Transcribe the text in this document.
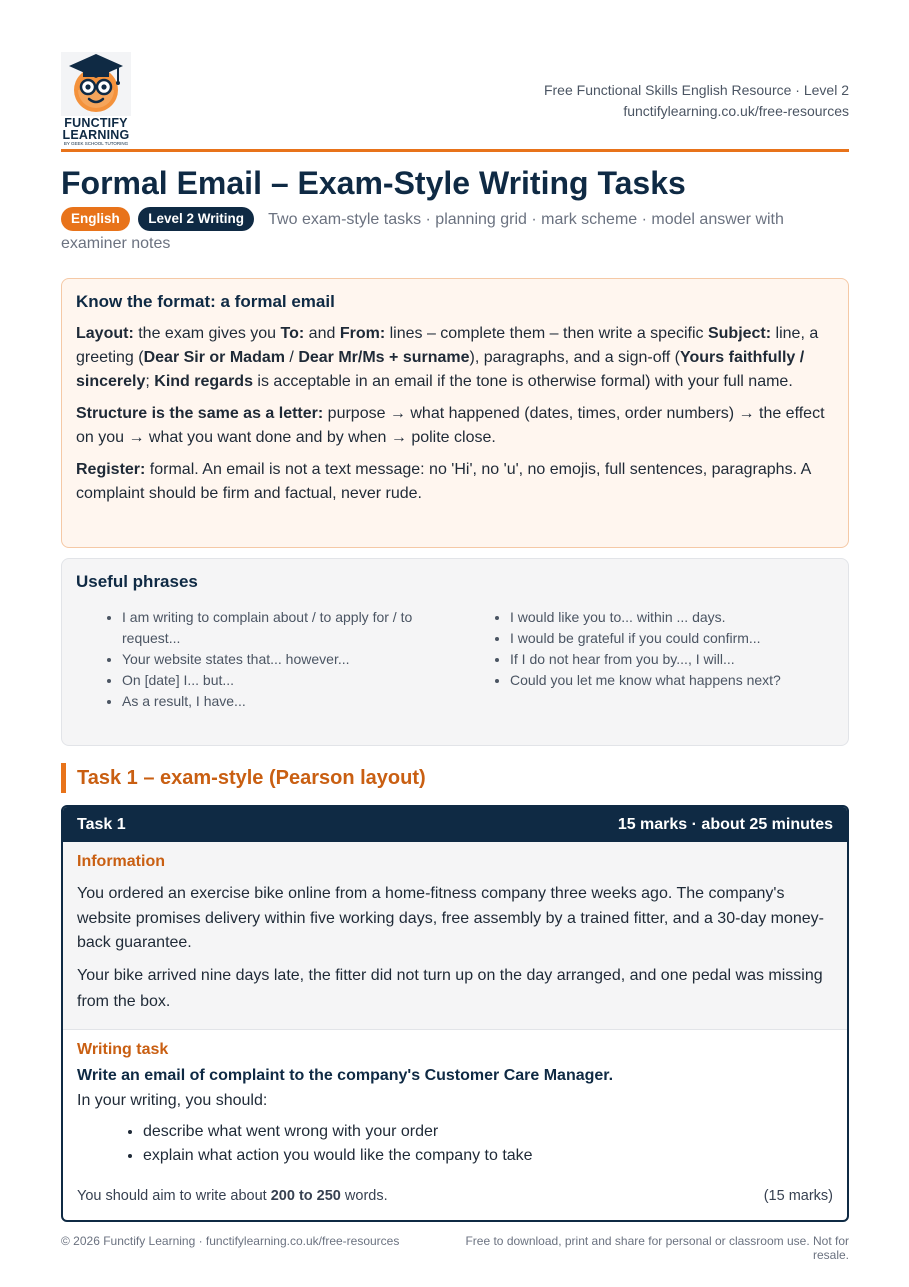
FUNCTIFY
LEARNING
BY GEEK SCHOOL TUTORING
Free Functional Skills English Resource · Level 2
functifylearning.co.uk/free-resources
Formal Email – Exam-Style Writing Tasks
English Level 2 Writing Two exam-style tasks · planning grid · mark scheme · model answer with examiner notes
Know the format: a formal email

Layout: the exam gives you To: and From: lines – complete them – then write a specific Subject: line, a greeting (Dear Sir or Madam / Dear Mr/Ms + surname), paragraphs, and a sign-off (Yours faithfully / sincerely; Kind regards is acceptable in an email if the tone is otherwise formal) with your full name.

Structure is the same as a letter: purpose → what happened (dates, times, order numbers) → the effect on you → what you want done and by when → polite close.

Register: formal. An email is not a text message: no 'Hi', no 'u', no emojis, full sentences, paragraphs. A complaint should be firm and factual, never rude.

Useful phrases
• I am writing to complain about / to apply for / to request...
• Your website states that... however...
• On [date] I... but...
• As a result, I have...
• I would like you to... within ... days.
• I would be grateful if you could confirm...
• If I do not hear from you by..., I will...
• Could you let me know what happens next?
Task 1 – exam-style (Pearson layout)
Task 1	15 marks · about 25 minutes
Information

You ordered an exercise bike online from a home-fitness company three weeks ago. The company's website promises delivery within five working days, free assembly by a trained fitter, and a 30-day money-back guarantee.

Your bike arrived nine days late, the fitter did not turn up on the day arranged, and one pedal was missing from the box.

Writing task
Write an email of complaint to the company's Customer Care Manager.
In your writing, you should:
• describe what went wrong with your order
• explain what action you would like the company to take
You should aim to write about 200 to 250 words.	(15 marks)
© 2026 Functify Learning · functifylearning.co.uk/free-resources	Free to download, print and share for personal or classroom use. Not for resale.
